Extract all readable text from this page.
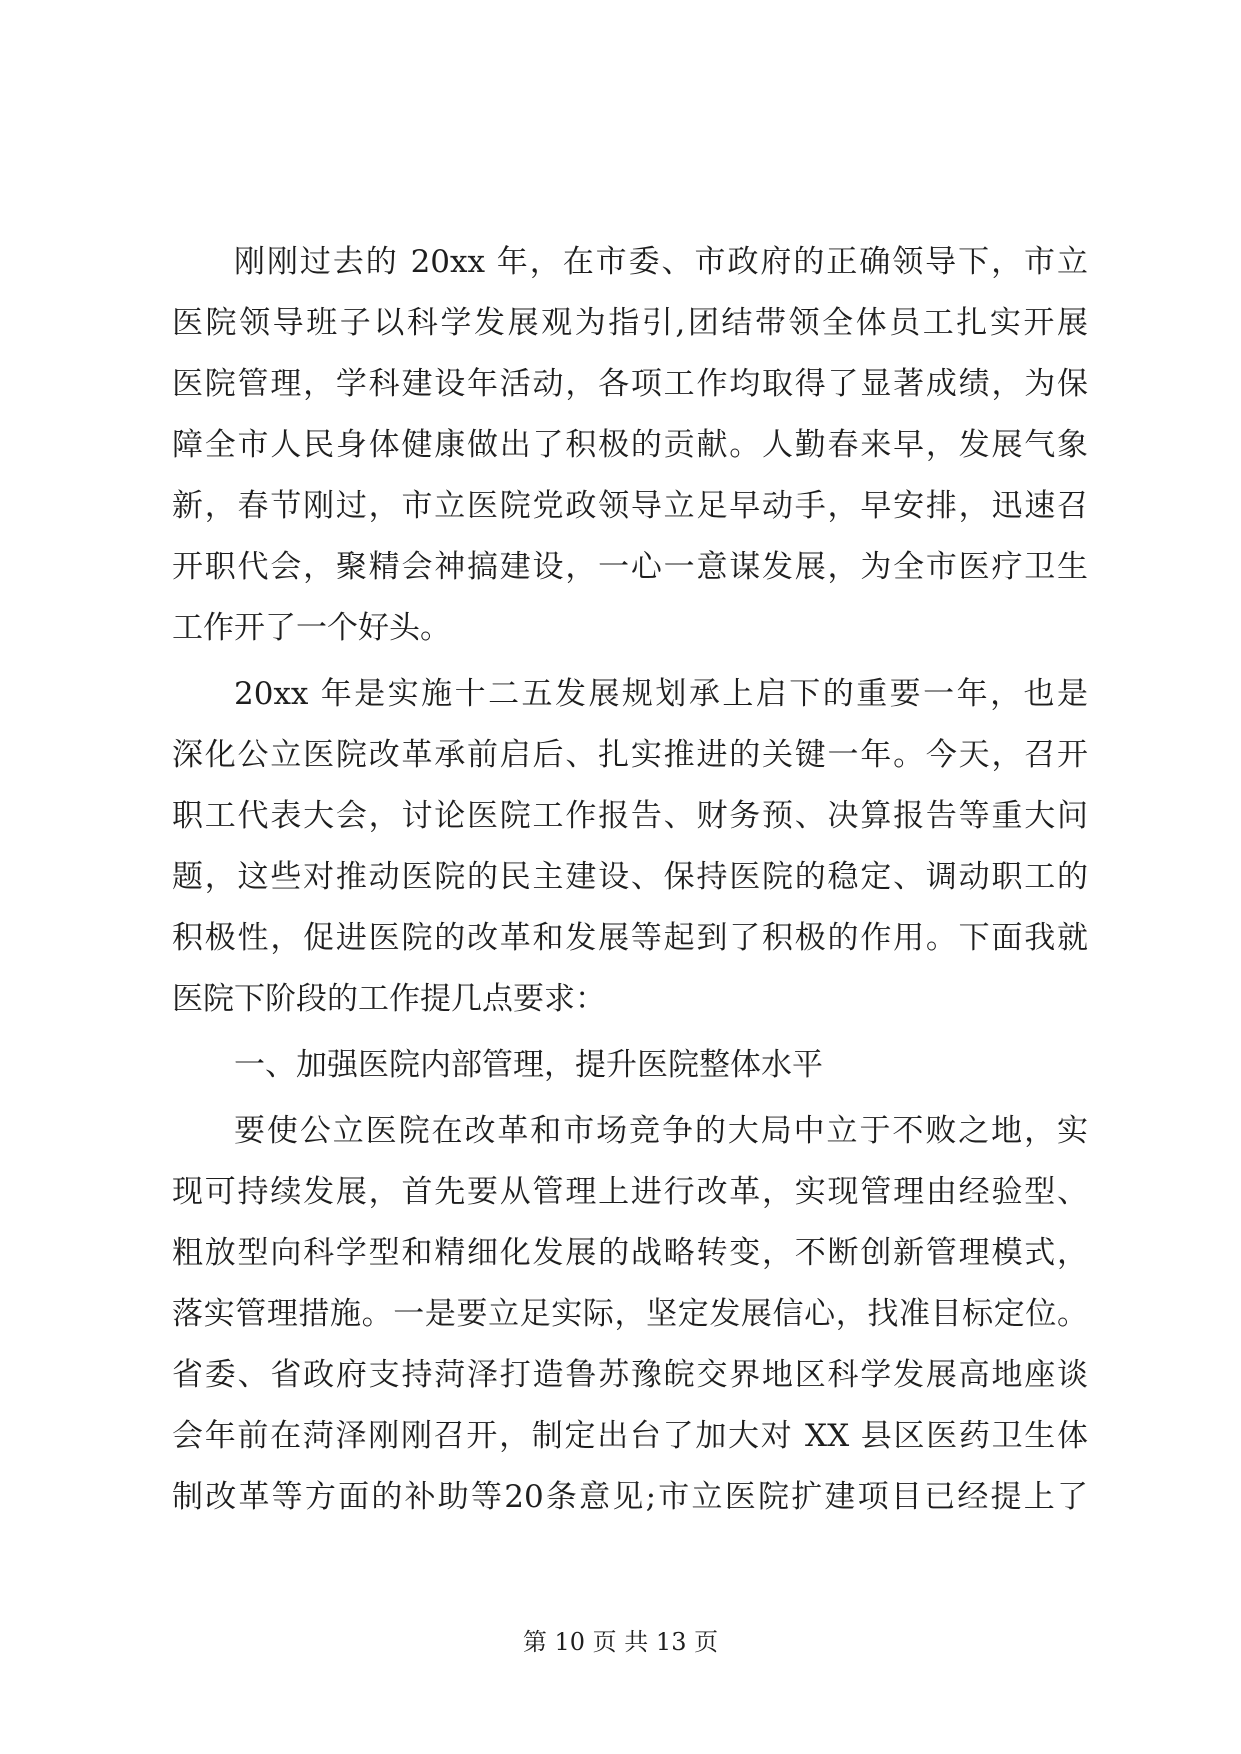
刚刚过去的 20xx 年，在市委、市政府的正确领导下，市立
医院领导班子以科学发展观为指引,团结带领全体员工扎实开展
医院管理，学科建设年活动，各项工作均取得了显著成绩，为保
障全市人民身体健康做出了积极的贡献。人勤春来早，发展气象
新，春节刚过，市立医院党政领导立足早动手，早安排，迅速召
开职代会，聚精会神搞建设，一心一意谋发展，为全市医疗卫生
工作开了一个好头。
20xx 年是实施十二五发展规划承上启下的重要一年，也是
深化公立医院改革承前启后、扎实推进的关键一年。今天，召开
职工代表大会，讨论医院工作报告、财务预、决算报告等重大问
题，这些对推动医院的民主建设、保持医院的稳定、调动职工的
积极性，促进医院的改革和发展等起到了积极的作用。下面我就
医院下阶段的工作提几点要求：
一、加强医院内部管理，提升医院整体水平
要使公立医院在改革和市场竞争的大局中立于不败之地，实
现可持续发展，首先要从管理上进行改革，实现管理由经验型、
粗放型向科学型和精细化发展的战略转变，不断创新管理模式，
落实管理措施。一是要立足实际，坚定发展信心，找准目标定位。
省委、省政府支持菏泽打造鲁苏豫皖交界地区科学发展高地座谈
会年前在菏泽刚刚召开，制定出台了加大对 XX 县区医药卫生体
制改革等方面的补助等20条意见;市立医院扩建项目已经提上了
第 10 页 共 13 页
